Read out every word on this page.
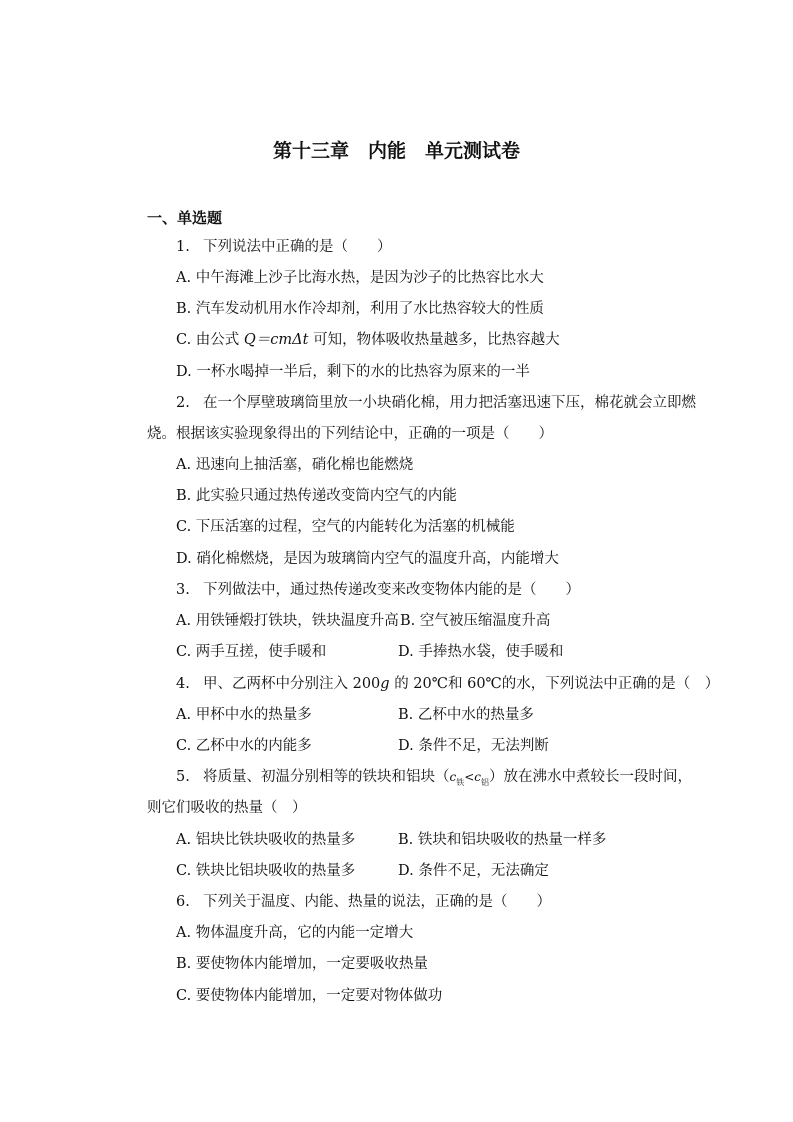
第十三章　内能　单元测试卷
一、单选题
1. 下列说法中正确的是（　　）
A. 中午海滩上沙子比海水热，是因为沙子的比热容比水大
B. 汽车发动机用水作冷却剂，利用了水比热容较大的性质
C. 由公式 Q＝cmΔt 可知，物体吸收热量越多，比热容越大
D. 一杯水喝掉一半后，剩下的水的比热容为原来的一半
2. 在一个厚壁玻璃筒里放一小块硝化棉，用力把活塞迅速下压，棉花就会立即燃
烧。根据该实验现象得出的下列结论中，正确的一项是（　　）
A. 迅速向上抽活塞，硝化棉也能燃烧
B. 此实验只通过热传递改变筒内空气的内能
C. 下压活塞的过程，空气的内能转化为活塞的机械能
D. 硝化棉燃烧，是因为玻璃筒内空气的温度升高，内能增大
3. 下列做法中，通过热传递改变来改变物体内能的是（　　）
A. 用铁锤煅打铁块，铁块温度升高 B. 空气被压缩温度升高
C. 两手互搓，使手暖和	D. 手捧热水袋，使手暖和
4. 甲、乙两杯中分别注入 200g 的 20℃和 60℃的水，下列说法中正确的是（　）
A. 甲杯中水的热量多	B. 乙杯中水的热量多
C. 乙杯中水的内能多	D. 条件不足，无法判断
5. 将质量、初温分别相等的铁块和铝块$(c_铁<c_铝)$放在沸水中煮较长一段时间，
则它们吸收的热量（　）
A. 铝块比铁块吸收的热量多	B. 铁块和铝块吸收的热量一样多
C. 铁块比铝块吸收的热量多	D. 条件不足，无法确定
6. 下列关于温度、内能、热量的说法，正确的是（　　）
A. 物体温度升高，它的内能一定增大
B. 要使物体内能增加，一定要吸收热量
C. 要使物体内能增加，一定要对物体做功
